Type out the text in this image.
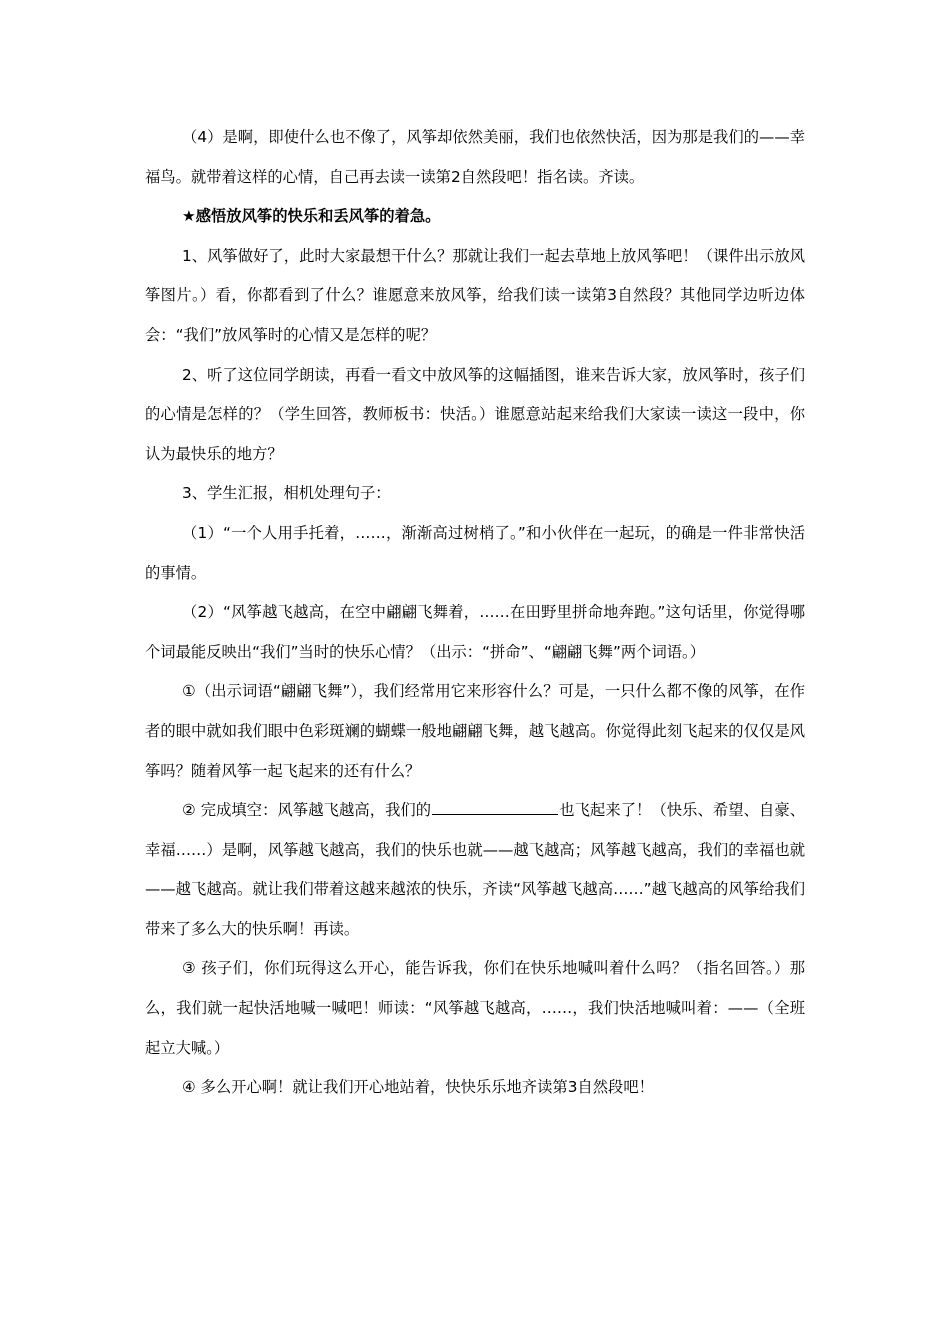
（4）是啊，即使什么也不像了，风筝却依然美丽，我们也依然快活，因为那是我们的——幸福鸟。就带着这样的心情，自己再去读一读第2自然段吧！指名读。齐读。

★感悟放风筝的快乐和丢风筝的着急。

1、风筝做好了，此时大家最想干什么？那就让我们一起去草地上放风筝吧！（课件出示放风筝图片。）看，你都看到了什么？谁愿意来放风筝，给我们读一读第3自然段？其他同学边听边体会：“我们”放风筝时的心情又是怎样的呢？

2、听了这位同学朗读，再看一看文中放风筝的这幅插图，谁来告诉大家，放风筝时，孩子们的心情是怎样的？（学生回答，教师板书：快活。）谁愿意站起来给我们大家读一读这一段中，你认为最快乐的地方？

3、学生汇报，相机处理句子：

（1）“一个人用手托着，……，渐渐高过树梢了。”和小伙伴在一起玩，的确是一件非常快活的事情。

（2）“风筝越飞越高，在空中翩翩飞舞着，……在田野里拼命地奔跑。”这句话里，你觉得哪个词最能反映出“我们”当时的快乐心情？（出示：“拼命”、“翩翩飞舞”两个词语。）

①（出示词语“翩翩飞舞”），我们经常用它来形容什么？可是，一只什么都不像的风筝，在作者的眼中就如我们眼中色彩斑斓的蝴蝶一般地翩翩飞舞，越飞越高。你觉得此刻飞起来的仅仅是风筝吗？随着风筝一起飞起来的还有什么？

② 完成填空：风筝越飞越高，我们的	也飞起来了！（快乐、希望、自豪、幸福……）是啊，风筝越飞越高，我们的快乐也就——越飞越高；风筝越飞越高，我们的幸福也就——越飞越高。就让我们带着这越来越浓的快乐，齐读“风筝越飞越高……”越飞越高的风筝给我们带来了多么大的快乐啊！再读。

③ 孩子们，你们玩得这么开心，能告诉我，你们在快乐地喊叫着什么吗？（指名回答。）那么，我们就一起快活地喊一喊吧！师读：“风筝越飞越高，……，我们快活地喊叫着：——（全班起立大喊。）

④ 多么开心啊！就让我们开心地站着，快快乐乐地齐读第3自然段吧！
